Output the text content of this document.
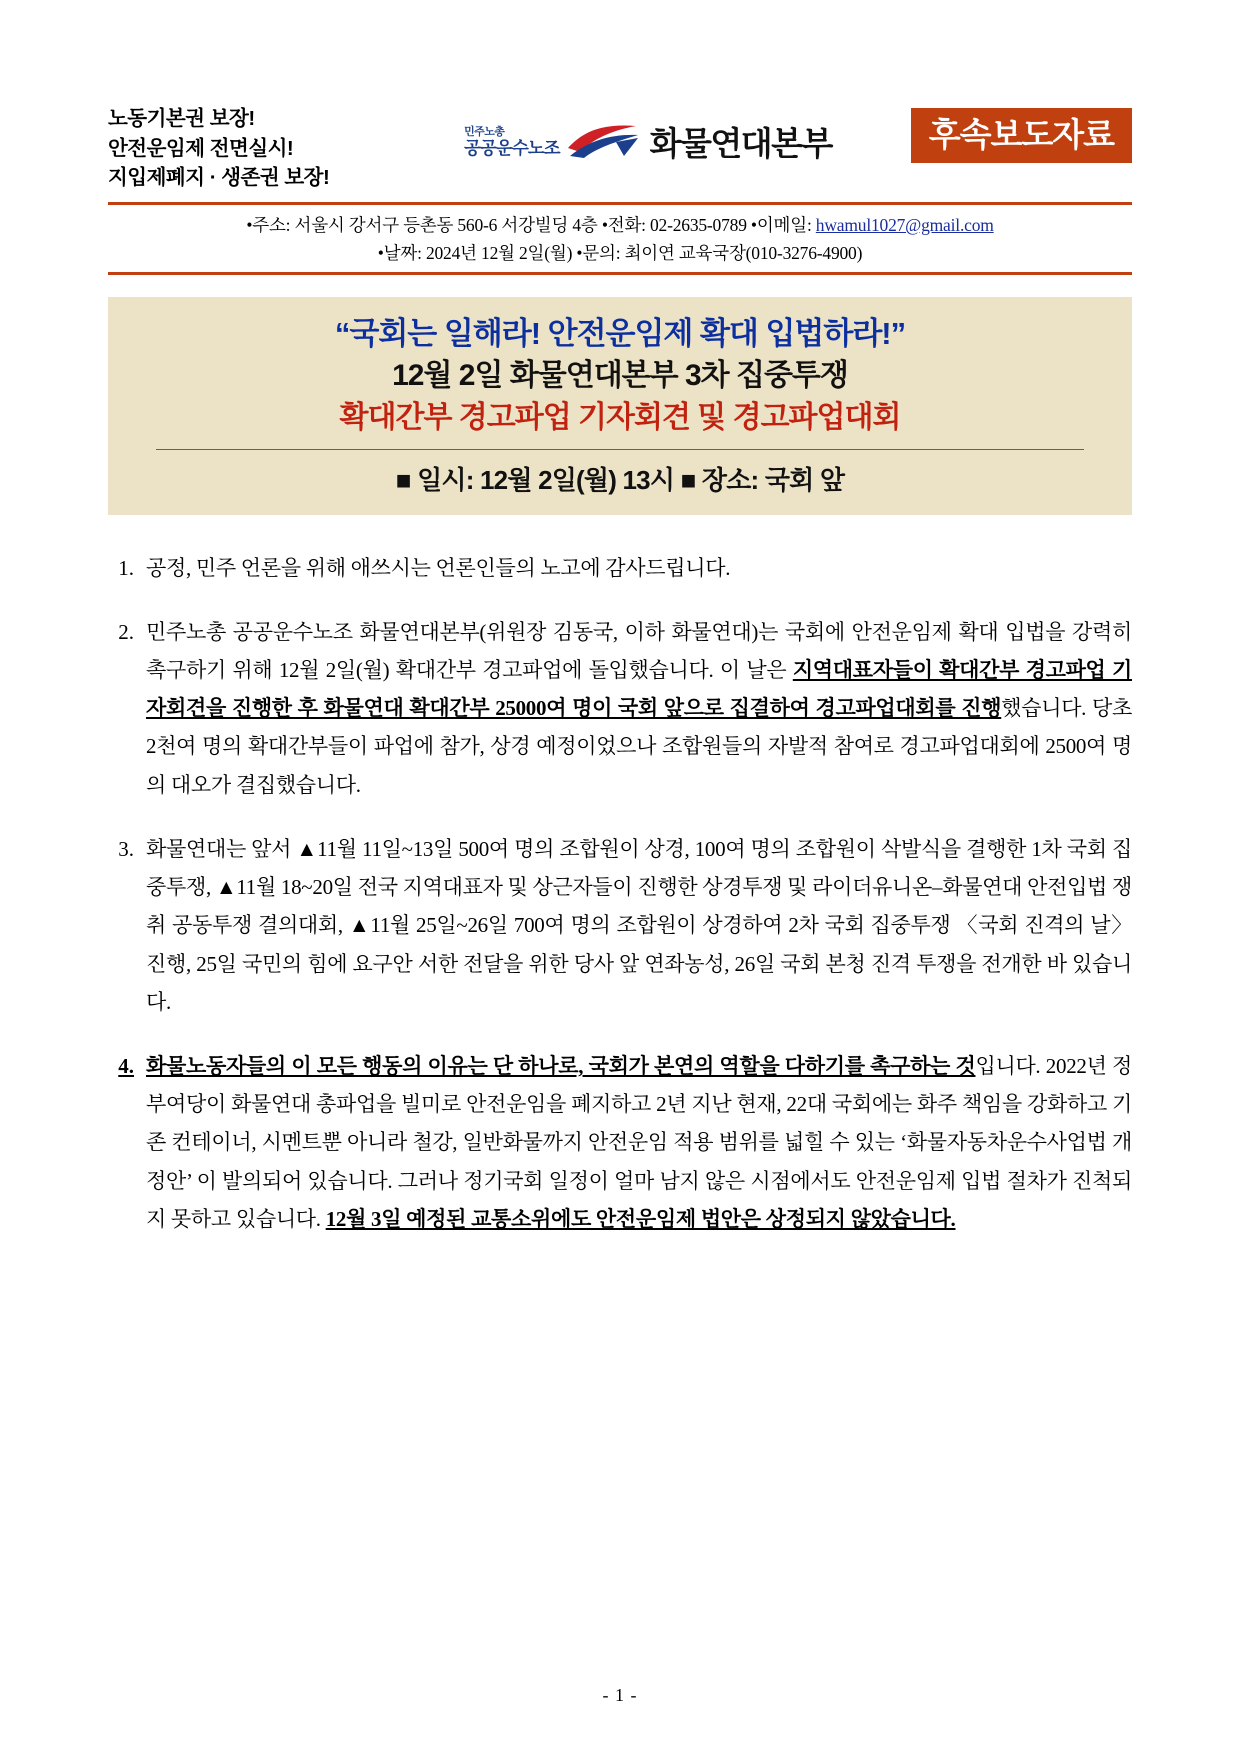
노동기본권 보장!
안전운임제 전면실시!
지입제폐지 · 생존권 보장!
민주노총
공공운수노조	화물연대본부	후속보도자료
•주소: 서울시 강서구 등촌동 560-6 서강빌딩 4층 •전화: 02-2635-0789 •이메일: hwamul1027@gmail.com
•날짜: 2024년 12월 2일(월) •문의: 최이연 교육국장(010-3276-4900)
“국회는 일해라! 안전운임제 확대 입법하라!”
12월 2일 화물연대본부 3차 집중투쟁
확대간부 경고파업 기자회견 및 경고파업대회
■ 일시: 12월 2일(월) 13시 ■ 장소: 국회 앞
1. 공정, 민주 언론을 위해 애쓰시는 언론인들의 노고에 감사드립니다.
2. 민주노총 공공운수노조 화물연대본부(위원장 김동국, 이하 화물연대)는 국회에 안전운임제 확대 입법을 강력히 촉구하기 위해 12월 2일(월) 확대간부 경고파업에 돌입했습니다. 이 날은 지역대표자들이 확대간부 경고파업 기자회견을 진행한 후 화물연대 확대간부 25000여 명이 국회 앞으로 집결하여 경고파업대회를 진행했습니다. 당초 2천여 명의 확대간부들이 파업에 참가, 상경 예정이었으나 조합원들의 자발적 참여로 경고파업대회에 2500여 명의 대오가 결집했습니다.
3. 화물연대는 앞서 ▲11월 11일~13일 500여 명의 조합원이 상경, 100여 명의 조합원이 삭발식을 결행한 1차 국회 집중투쟁, ▲11월 18~20일 전국 지역대표자 및 상근자들이 진행한 상경투쟁 및 라이더유니온–화물연대 안전입법 쟁취 공동투쟁 결의대회, ▲11월 25일~26일 700여 명의 조합원이 상경하여 2차 국회 집중투쟁 〈국회 진격의 날〉 진행, 25일 국민의 힘에 요구안 서한 전달을 위한 당사 앞 연좌농성, 26일 국회 본청 진격 투쟁을 전개한 바 있습니다.
4. 화물노동자들의 이 모든 행동의 이유는 단 하나로, 국회가 본연의 역할을 다하기를 촉구하는 것입니다. 2022년 정부여당이 화물연대 총파업을 빌미로 안전운임을 폐지하고 2년 지난 현재, 22대 국회에는 화주 책임을 강화하고 기존 컨테이너, 시멘트뿐 아니라 철강, 일반화물까지 안전운임 적용 범위를 넓힐 수 있는 ‘화물자동차운수사업법 개정안’ 이 발의되어 있습니다. 그러나 정기국회 일정이 얼마 남지 않은 시점에서도 안전운임제 입법 절차가 진척되지 못하고 있습니다. 12월 3일 예정된 교통소위에도 안전운임제 법안은 상정되지 않았습니다.
- 1 -
